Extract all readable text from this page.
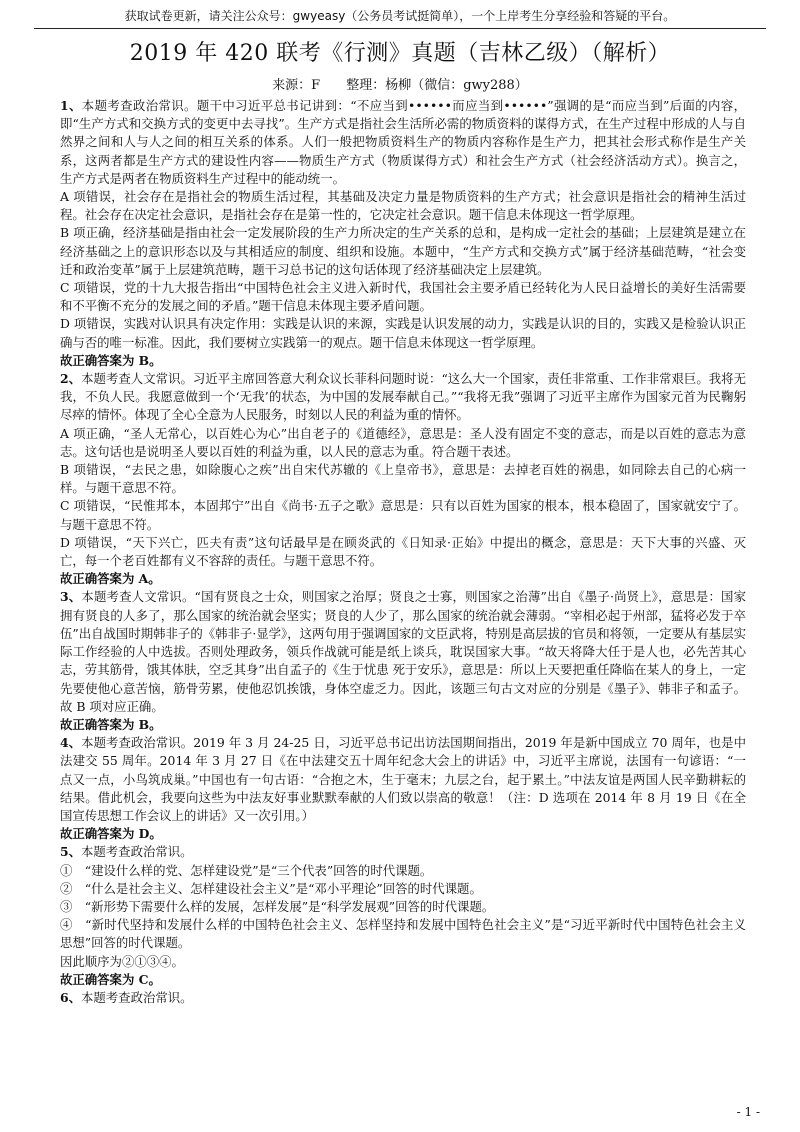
获取试卷更新，请关注公众号：gwyeasy（公务员考试挺简单），一个上岸考生分享经验和答疑的平台。
2019 年 420 联考《行测》真题（吉林乙级）（解析）
来源：F　　整理：杨柳（微信：gwy288）

1、本题考查政治常识。题干中习近平总书记讲到：“不应当到••••••而应当到••••••”强调的是“而应当到”后面的内容，即“生产方式和交换方式的变更中去寻找”。生产方式是指社会生活所必需的物质资料的谋得方式，在生产过程中形成的人与自然界之间和人与人之间的相互关系的体系。人们一般把物质资料生产的物质内容称作是生产力，把其社会形式称作是生产关系，这两者都是生产方式的建设性内容——物质生产方式（物质谋得方式）和社会生产方式（社会经济活动方式）。换言之，生产方式是两者在物质资料生产过程中的能动统一。

A 项错误，社会存在是指社会的物质生活过程，其基础及决定力量是物质资料的生产方式；社会意识是指社会的精神生活过程。社会存在决定社会意识，是指社会存在是第一性的，它决定社会意识。题干信息未体现这一哲学原理。

B 项正确，经济基础是指由社会一定发展阶段的生产力所决定的生产关系的总和，是构成一定社会的基础；上层建筑是建立在经济基础之上的意识形态以及与其相适应的制度、组织和设施。本题中，“生产方式和交换方式”属于经济基础范畴，“社会变迁和政治变革”属于上层建筑范畴，题干习总书记的这句话体现了经济基础决定上层建筑。

C 项错误，党的十九大报告指出“中国特色社会主义进入新时代，我国社会主要矛盾已经转化为人民日益增长的美好生活需要和不平衡不充分的发展之间的矛盾。”题干信息未体现主要矛盾问题。

D 项错误，实践对认识具有决定作用：实践是认识的来源，实践是认识发展的动力，实践是认识的目的，实践又是检验认识正确与否的唯一标准。因此，我们要树立实践第一的观点。题干信息未体现这一哲学原理。

故正确答案为 B。

2、本题考查人文常识。习近平主席回答意大利众议长菲科问题时说：“这么大一个国家，责任非常重、工作非常艰巨。我将无我，不负人民。我愿意做到一个‘无我’的状态，为中国的发展奉献自己。”“我将无我”强调了习近平主席作为国家元首为民鞠躬尽瘁的情怀。体现了全心全意为人民服务，时刻以人民的利益为重的情怀。

A 项正确，“圣人无常心，以百姓心为心”出自老子的《道德经》，意思是：圣人没有固定不变的意志，而是以百姓的意志为意志。这句话也是说明圣人要以百姓的利益为重，以人民的意志为重。符合题干表述。

B 项错误，“去民之患，如除腹心之疾”出自宋代苏辙的《上皇帝书》，意思是：去掉老百姓的祸患，如同除去自己的心病一样。与题干意思不符。

C 项错误，“民惟邦本，本固邦宁”出自《尚书·五子之歌》意思是：只有以百姓为国家的根本，根本稳固了，国家就安宁了。与题干意思不符。

D 项错误，“天下兴亡，匹夫有责”这句话最早是在顾炎武的《日知录·正始》中提出的概念，意思是：天下大事的兴盛、灭亡，每一个老百姓都有义不容辞的责任。与题干意思不符。

故正确答案为 A。

3、本题考查人文常识。“国有贤良之士众，则国家之治厚；贤良之士寡，则国家之治薄”出自《墨子·尚贤上》，意思是：国家拥有贤良的人多了，那么国家的统治就会坚实；贤良的人少了，那么国家的统治就会薄弱。“宰相必起于州部，猛将必发于卒伍”出自战国时期韩非子的《韩非子·显学》，这两句用于强调国家的文臣武将，特别是高层拔的官员和将领，一定要从有基层实际工作经验的人中选拔。否则处理政务，领兵作战就可能是纸上谈兵，耽误国家大事。“故天将降大任于是人也，必先苦其心志，劳其筋骨，饿其体肤，空乏其身”出自孟子的《生于忧患 死于安乐》，意思是：所以上天要把重任降临在某人的身上，一定先要使他心意苦恼，筋骨劳累，使他忍饥挨饿，身体空虚乏力。因此，该题三句古文对应的分别是《墨子》、韩非子和孟子。故 B 项对应正确。

故正确答案为 B。

4、本题考查政治常识。2019 年 3 月 24-25 日，习近平总书记出访法国期间指出，2019 年是新中国成立 70 周年，也是中法建交 55 周年。2014 年 3 月 27 日《在中法建交五十周年纪念大会上的讲话》中，习近平主席说，法国有一句谚语：“一点又一点，小鸟筑成巢。”中国也有一句古语：“合抱之木，生于毫末；九层之台，起于累土。”中法友谊是两国人民辛勤耕耘的结果。借此机会，我要向这些为中法友好事业默默奉献的人们致以崇高的敬意！（注：D 选项在 2014 年 8 月 19 日《在全国宣传思想工作会议上的讲话》又一次引用。）

故正确答案为 D。

5、本题考查政治常识。

①　“建设什么样的党、怎样建设党”是“三个代表”回答的时代课题。

②　“什么是社会主义、怎样建设社会主义”是“邓小平理论”回答的时代课题。

③　“新形势下需要什么样的发展，怎样发展”是“科学发展观”回答的时代课题。

④　“新时代坚持和发展什么样的中国特色社会主义、怎样坚持和发展中国特色社会主义”是“习近平新时代中国特色社会主义思想”回答的时代课题。

因此顺序为②①③④。

故正确答案为 C。

6、本题考查政治常识。

- 1 -
